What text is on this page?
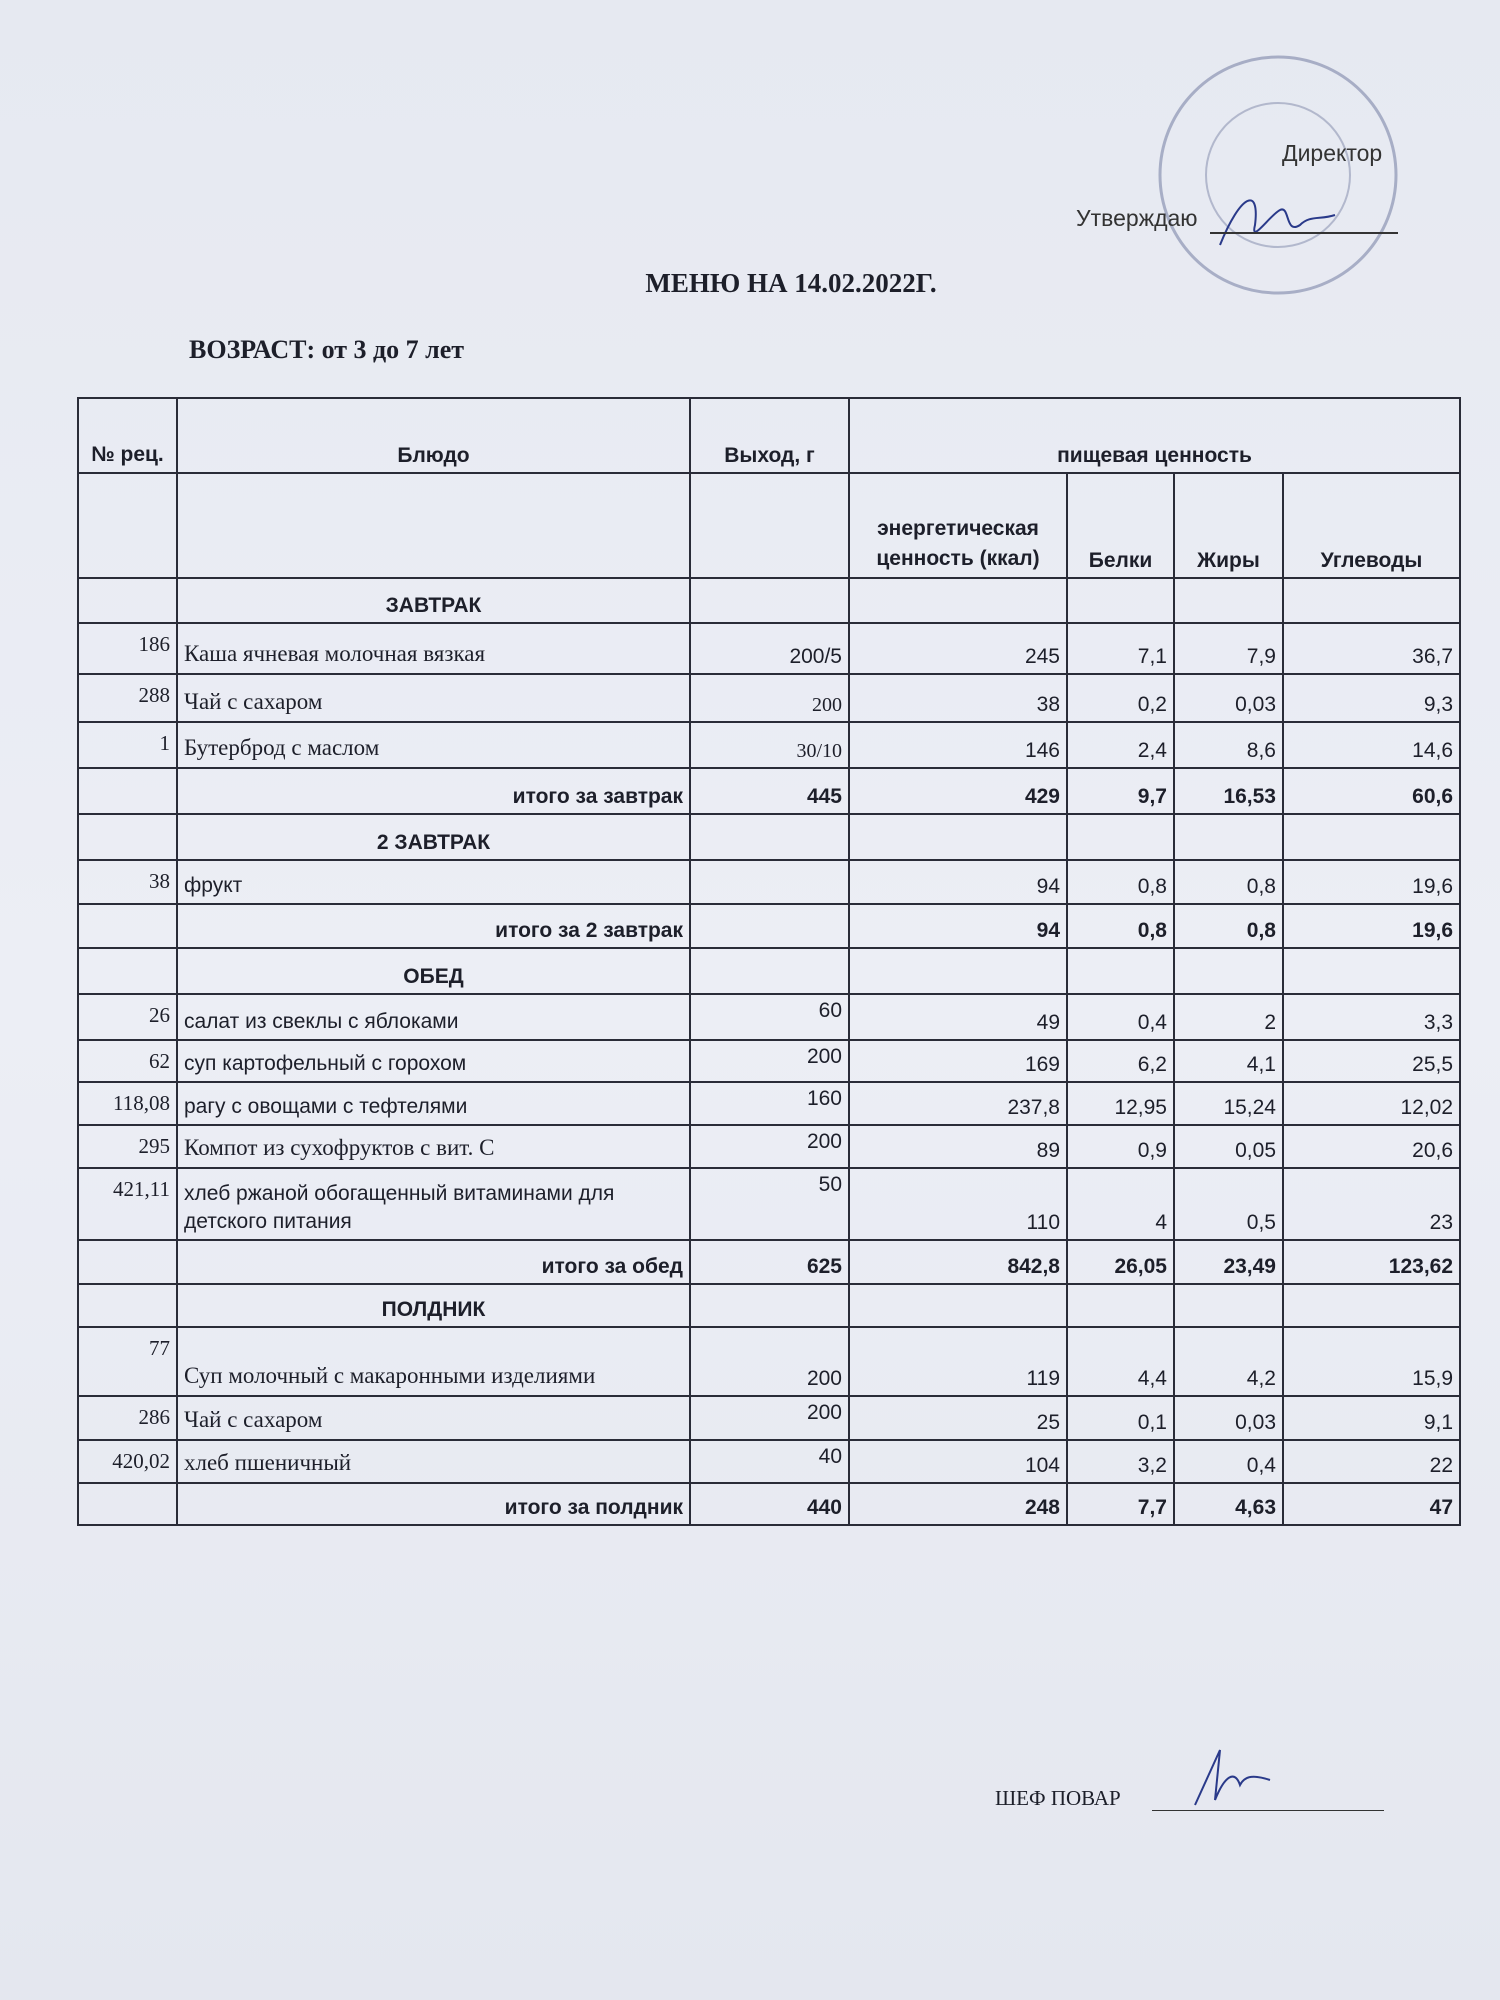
Директор
Утверждаю
МЕНЮ НА 14.02.2022Г.
ВОЗРАСТ: от 3 до 7 лет
№ рец.	Блюдо	Выход, г	пищевая ценность			
			энергетическая ценность (ккал)	Белки	Жиры	Углеводы
	ЗАВТРАК					
186	Каша ячневая молочная вязкая	200/5	245	7,1	7,9	36,7
288	Чай с сахаром	200	38	0,2	0,03	9,3
1	Бутерброд с маслом	30/10	146	2,4	8,6	14,6
	итого за завтрак	445	429	9,7	16,53	60,6
	2 ЗАВТРАК					
38	фрукт		94	0,8	0,8	19,6
	итого за 2 завтрак		94	0,8	0,8	19,6
	ОБЕД					
26	салат из свеклы с яблоками	60	49	0,4	2	3,3
62	суп картофельный с горохом	200	169	6,2	4,1	25,5
118,08	рагу с овощами с тефтелями	160	237,8	12,95	15,24	12,02
295	Компот из сухофруктов с вит. С	200	89	0,9	0,05	20,6
421,11	хлеб ржаной обогащенный витаминами для детского питания	50	110	4	0,5	23
	итого за обед	625	842,8	26,05	23,49	123,62
	ПОЛДНИК					
77	Суп молочный с макаронными изделиями	200	119	4,4	4,2	15,9
286	Чай с сахаром	200	25	0,1	0,03	9,1
420,02	хлеб пшеничный	40	104	3,2	0,4	22
	итого за полдник	440	248	7,7	4,63	47
ШЕФ ПОВАР
